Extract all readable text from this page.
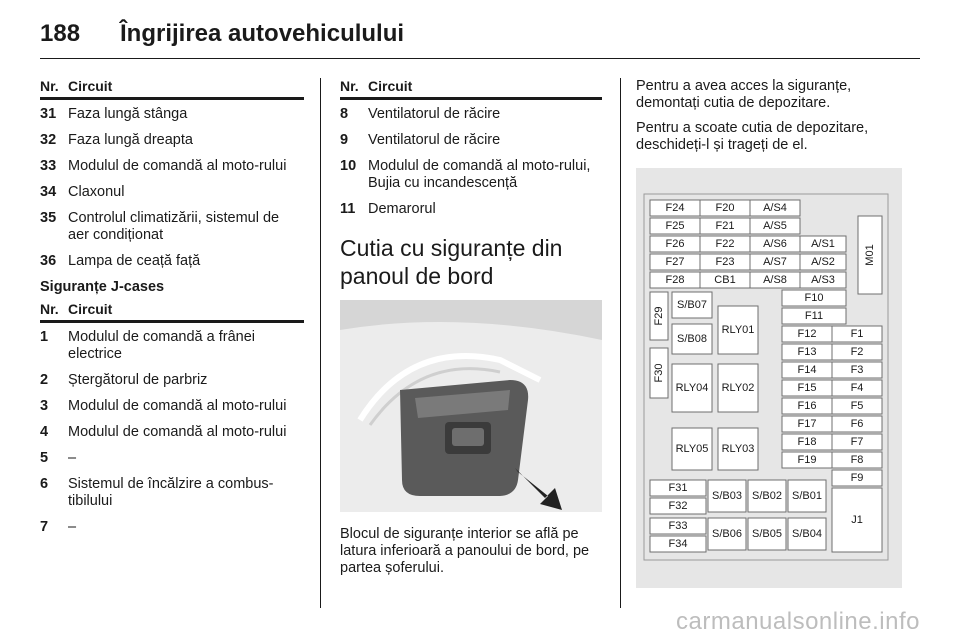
188 Îngrijirea autovehiculului
Nr. Circuit
31 Faza lungă stânga
32 Faza lungă dreapta
33 Modulul de comandă al moto-rului
34 Claxonul
35 Controlul climatizării, sistemul de aer condiționat
36 Lampa de ceață față
Siguranțe J-cases
Nr. Circuit
1	Modulul de comandă a frânei electrice
2	Ștergătorul de parbriz
3	Modulul de comandă al moto-rului
4	Modulul de comandă al moto-rului
5	–
6	Sistemul de încălzire a combus-tibilului
7	–
Nr. Circuit
8	Ventilatorul de răcire
9	Ventilatorul de răcire
10 Modulul de comandă al moto-rului, Bujia cu incandescență
11 Demarorul
Cutia cu siguranțe din panoul de bord
Blocul de siguranțe interior se află pe latura inferioară a panoului de bord, pe partea șoferului.
Pentru a avea acces la siguranțe, demontați cutia de depozitare.
Pentru a scoate cutia de depozitare, deschideți-l și trageți de el.
F24	F20	A/S4
F25	F21	A/S5
F26	F22	A/S6 A/S1
F27	F23	A/S7 A/S2
F28	CB1 A/S8 A/S3
M01
F29
S/B07
F10
F11
RLY01
S/B08	F12	F1
F13	F2
F30
RLY04 RLY02
F14	F3
F15	F4
F16	F5
F17	F6
RLY05 RLY03
F18	F7
F19	F8
F9
F31
F32
S/B03 S/B02 S/B01
F33
F34
S/B06 S/B05 S/B04
J1
carmanualsonline.info
